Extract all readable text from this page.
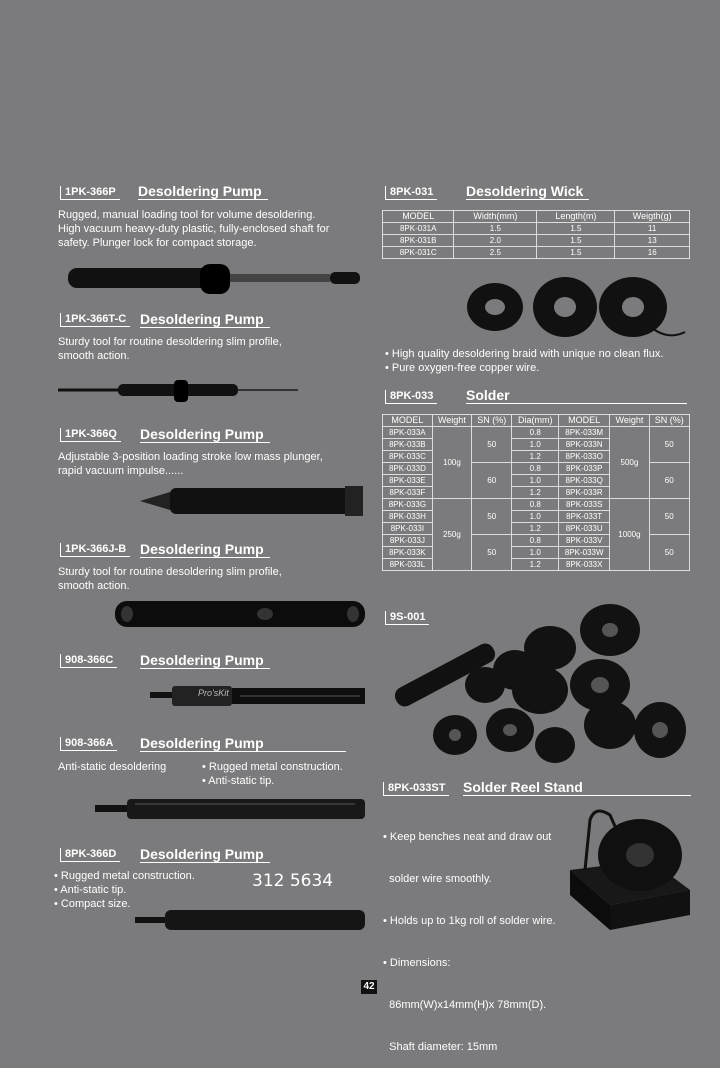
1PK-366P Desoldering Pump
Rugged, manual loading tool for volume desoldering.
High vacuum heavy-duty plastic, fully-enclosed shaft for
safety. Plunger lock for compact storage.
1PK-366T-C Desoldering Pump
Sturdy tool for routine desoldering slim profile,
smooth action.
1PK-366Q Desoldering Pump
Adjustable 3-position loading stroke low mass plunger,
rapid vacuum impulse......
1PK-366J-B Desoldering Pump
Sturdy tool for routine desoldering slim profile,
smooth action.
908-366C Desoldering Pump
Pro'sKit
908-366A Desoldering Pump
Anti-static desoldering	• Rugged metal construction.
• Anti-static tip.
8PK-366D Desoldering Pump
• Rugged metal construction.
• Anti-static tip.
• Compact size.
312 5634
8PK-031 Desoldering Wick
MODEL	Width(mm)	Length(m)	Weigth(g)
8PK-031A	1.5	1.5	11
8PK-031B	2.0	1.5	13
8PK-031C	2.5	1.5	16
• High quality desoldering braid with unique no clean flux.
• Pure oxygen-free copper wire.
8PK-033 Solder
MODEL	Weight	SN (%)	Dia(mm)	MODEL	Weight	SN (%)
8PK-033A	100g	50	0.8	8PK-033M	500g	50
8PK-033B			1.0	8PK-033N		
8PK-033C			1.2	8PK-033O		
8PK-033D		60	0.8	8PK-033P		60
8PK-033E			1.0	8PK-033Q		
8PK-033F			1.2	8PK-033R		
8PK-033G	250g	50	0.8	8PK-033S	1000g	50
8PK-033H			1.0	8PK-033T		
8PK-033I			1.2	8PK-033U		
8PK-033J		50	0.8	8PK-033V		50
8PK-033K			1.0	8PK-033W		
8PK-033L			1.2	8PK-033X		
9S-001
8PK-033ST Solder Reel Stand

• Keep benches neat and draw out

solder wire smoothly.

• Holds up to 1kg roll of solder wire.

• Dimensions:

86mm(W)x14mm(H)x 78mm(D).

Shaft diameter: 15mm

42
